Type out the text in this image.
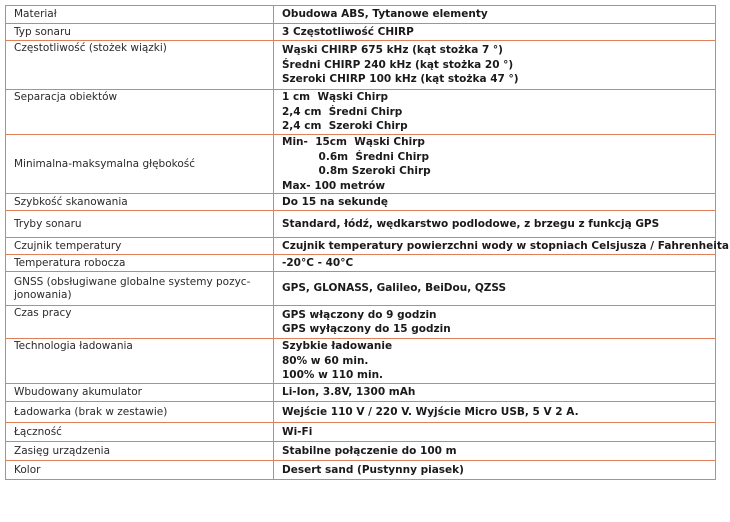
Materiał	Obudowa ABS, Tytanowe elementy

Typ sonaru	3 Częstotliwość CHIRP

Częstotliwość (stożek wiązki)	Wąski CHIRP 675 kHz (kąt stożka 7 °)
Średni CHIRP 240 kHz (kąt stożka 20 °)
Szeroki CHIRP 100 kHz (kąt stożka 47 °)

Separacja obiektów	1 cm  Wąski Chirp
2,4 cm  Średni Chirp
2,4 cm  Szeroki Chirp

Minimalna-maksymalna głębokość	Min-  15cm  Wąski Chirp
0.6m  Średni Chirp
0.8m Szeroki Chirp
Max- 100 metrów

Szybkość skanowania	Do 15 na sekundę

Tryby sonaru	Standard, łódź, wędkarstwo podlodowe, z brzegu z funkcją GPS

Czujnik temperatury	Czujnik temperatury powierzchni wody w stopniach Celsjusza / Fahrenheita

Temperatura robocza	-20°C - 40°C

GNSS (obsługiwane globalne systemy pozyc-
jonowania)	GPS, GLONASS, Galileo, BeiDou, QZSS

Czas pracy	GPS włączony do 9 godzin
GPS wyłączony do 15 godzin

Technologia ładowania	Szybkie ładowanie
80% w 60 min.
100% w 110 min.

Wbudowany akumulator	Li-Ion, 3.8V, 1300 mAh

Ładowarka (brak w zestawie)	Wejście 110 V / 220 V. Wyjście Micro USB, 5 V 2 A.

Łączność	Wi-Fi

Zasięg urządzenia	Stabilne połączenie do 100 m

Kolor	Desert sand (Pustynny piasek)
